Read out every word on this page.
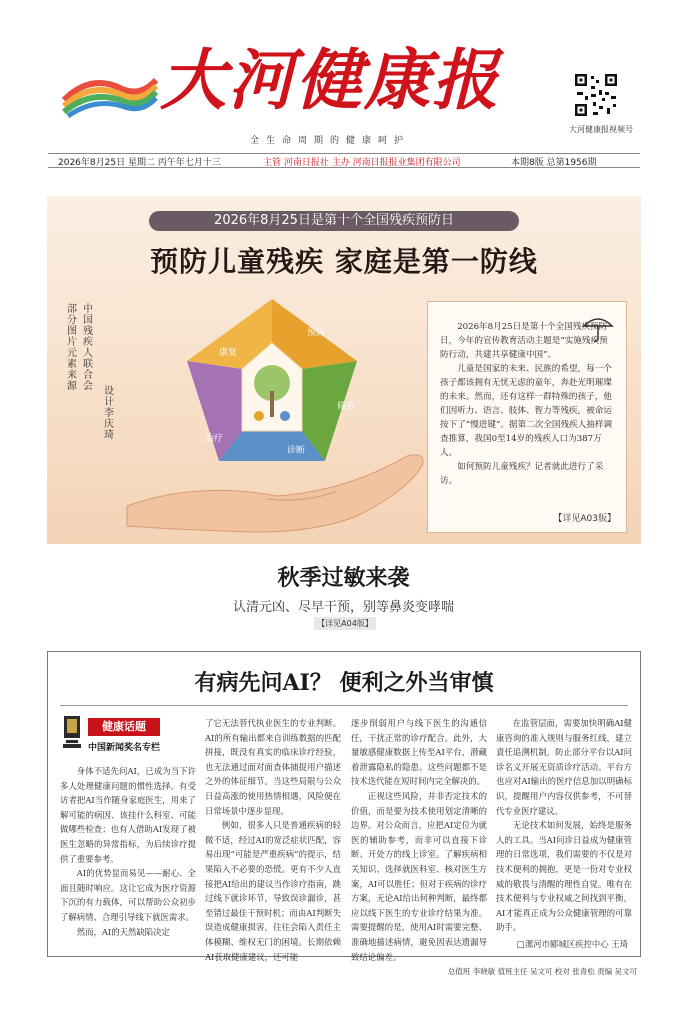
大河健康报
全生命周期的健康呵护
大河健康报视频号
2026年8月25日 星期二 丙午年七月十三	主管 河南日报社 主办 河南日报报业集团有限公司	本期8版 总第1956期
2026年8月25日是第十个全国残疾预防日
预防儿童残疾 家庭是第一防线
部分图片元素来源
中国残疾人联合会	设计 李庆琦
康复
预防
筛查
诊断
治疗

2026年8月25日是第十个全国残疾预防日，今年的宣传教育活动主题是“实施残疾预防行动，共建共享健康中国”。

儿童是国家的未来、民族的希望，每一个孩子都该拥有无忧无虑的童年，奔赴光明璀璨的未来。然而，还有这样一群特殊的孩子，他们因听力、语言、肢体、智力等残疾，被命运按下了“慢进键”。据第二次全国残疾人抽样调查推算，我国0至14岁的残疾人口为387万人。

如何预防儿童残疾？记者就此进行了采访。

【详见A03版】
秋季过敏来袭
认清元凶、尽早干预，别等鼻炎变哮喘
【详见A04版】
有病先问AI？ 便利之外当审慎
健康话题
中国新闻奖名专栏

身体不适先问AI，已成为当下许多人处理健康问题的惯性选择。有受访者把AI当作随身家庭医生，用来了解可能的病因、该挂什么科室、可能做哪些检查；也有人借助AI发现了被医生忽略的异常指标，为后续诊疗提供了重要参考。

AI的优势显而易见——耐心、全面且随时响应。这让它成为医疗资源下沉的有力载体，可以帮助公众初步了解病情、合理引导线下就医需求。

然而，AI的天然缺陷决定

了它无法替代执业医生的专业判断。AI的所有输出都来自训练数据的匹配拼接，既没有真实的临床诊疗经验，也无法通过面对面查体捕捉用户描述之外的体征细节。当这些局限与公众日益高涨的使用热情相遇，风险便在日常场景中逐步显现。

例如，很多人只是普通疾病的轻微不适，经过AI的宽泛症状匹配，容易出现“可能是严重疾病”的提示，结果陷入不必要的恐慌。更有不少人直接把AI给出的建议当作诊疗指南，跳过线下就诊环节，导致误诊漏诊，甚至错过最佳干预时机；而由AI判断失误造成健康损害，往往会陷入责任主体模糊、维权无门的困境。长期依赖AI获取健康建议，还可能

逐步削弱用户与线下医生的沟通信任，干扰正常的诊疗配合。此外，大量敏感健康数据上传至AI平台，潜藏着泄露隐私的隐患。这些问题都不是技术迭代能在短时间内完全解决的。

正视这些风险，并非否定技术的价值，而是要为技术使用划定清晰的边界。对公众而言，应把AI定位为就医的辅助参考，而非可以直接下诊断、开处方的线上诊室。了解疾病相关知识、选择就医科室、核对医生方案，AI可以胜任；但对于疾病的诊疗方案，无论AI给出何种判断，最终都应以线下医生的专业诊疗结果为准。需要提醒的是，使用AI时需要完整、准确地描述病情，避免因表达遗漏导致结论偏差。

在监管层面，需要加快明确AI健康咨询的准入规则与服务红线，建立責任追溯机制，防止部分平台以AI问诊名义开展无资质诊疗活动。平台方也应对AI输出的医疗信息加以明确标识，提醒用户内容仅供参考，不可替代专业医疗建议。

无论技术如何发展，始终是服务人的工具。当AI问诊日益成为健康管理的日常选项，我们需要的不仅是对技术便利的拥抱，更是一份对专业权威的敬畏与清醒的理性自觉。唯有在技术便利与专业权威之间找到平衡，AI才能真正成为公众健康管理的可靠助手。

□漯河市郾城区疾控中心 王琦
总值班 李晓敏 值班主任 吴文可 校对 张青松 责编 吴文可
